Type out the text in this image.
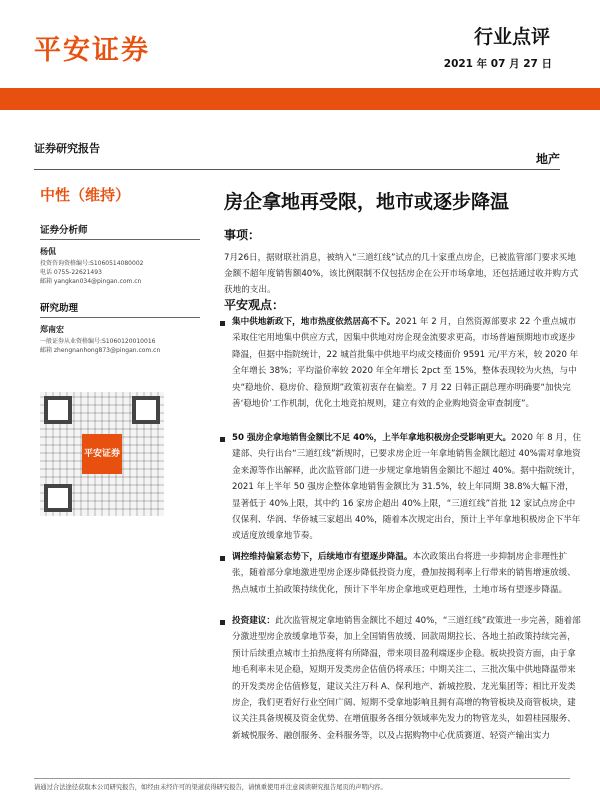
平安证券	行业点评
2021 年 07 月 27 日
证券研究报告
地产
中性（维持）
证券分析师
杨侃
投资咨询资格编号:S1060514080002
电话 0755-22621493
邮箱 yangkan034@pingan.com.cn
研究助理
郑南宏
一般证券从业资格编号:S1060120010016
邮箱 zhengnanhong873@pingan.com.cn
平安证券
房企拿地再受限，地市或逐步降温
事项：

7月26日，据财联社消息，被纳入“三道红线”试点的几十家重点房企，已被监管部门要求买地金额不超年度销售额40%，该比例限制不仅包括房企在公开市场拿地，还包括通过收并购方式获地的支出。

平安观点：

集中供地新政下，地市热度依然居高不下。2021 年 2 月，自然资源部要求 22 个重点城市采取住宅用地集中供应方式，因集中供地对房企现金流要求更高，市场普遍预期地市或逐步降温，但据中指院统计，22 城首批集中供地平均成交楼面价 9591 元/平方米，较 2020 年全年增长 38%；平均溢价率较 2020 年全年增长 2pct 至 15%，整体表现较为火热，与中央“稳地价、稳房价、稳预期”政策初衷存在偏差。7 月 22 日韩正副总理亦明确要“加快完善‘稳地价’工作机制，优化土地竞拍规则，建立有效的企业购地资金审查制度”。

50 强房企拿地销售金额比不足 40%，上半年拿地积极房企受影响更大。2020 年 8 月，住建部、央行出台“三道红线”新规时，已要求房企近一年拿地销售金额比超过 40%需对拿地资金来源等作出解释，此次监管部门进一步规定拿地销售金额比不超过 40%。据中指院统计，2021 年上半年 50 强房企整体拿地销售金额比为 31.5%，较上年同期 38.8%大幅下滑，显著低于 40%上限，其中约 16 家房企超出 40%上限，“三道红线”首批 12 家试点房企中仅保利、华润、华侨城三家超出 40%，随着本次规定出台，预计上半年拿地积极房企下半年或适度放缓拿地节奏。

调控维持偏紧态势下，后续地市有望逐步降温。本次政策出台将进一步抑制房企非理性扩张，随着部分拿地激进型房企逐步降低投资力度，叠加按揭利率上行带来的销售增速放缓、热点城市土拍政策持续优化，预计下半年房企拿地或更趋理性，土地市场有望逐步降温。

投资建议：此次监管规定拿地销售金额比不超过 40%，“三道红线”政策进一步完善，随着部分激进型房企放缓拿地节奏，加上全国销售放缓、回款周期拉长、各地土拍政策持续完善，预计后续重点城市土拍热度将有所降温，带来项目盈利端逐步企稳。板块投资方面，由于拿地毛利率未见企稳，短期开发类房企估值仍将承压；中期关注二、三批次集中供地降温带来的开发类房企估值修复，建议关注万科 A、保利地产、新城控股、龙光集团等；相比开发类房企，我们更看好行业空间广阔、短期不受拿地影响且拥有高增的物管板块及商管板块，建议关注具备规模及资金优势、在增值服务各细分领域率先发力的物管龙头，如碧桂园服务、新城悦服务、融创服务、金科服务等，以及占据购物中心优质赛道、轻资产输出实力

请通过合法途径获取本公司研究报告，如经由未经许可的渠道获得研究报告，请慎重使用并注意阅读研究报告尾页的声明内容。
